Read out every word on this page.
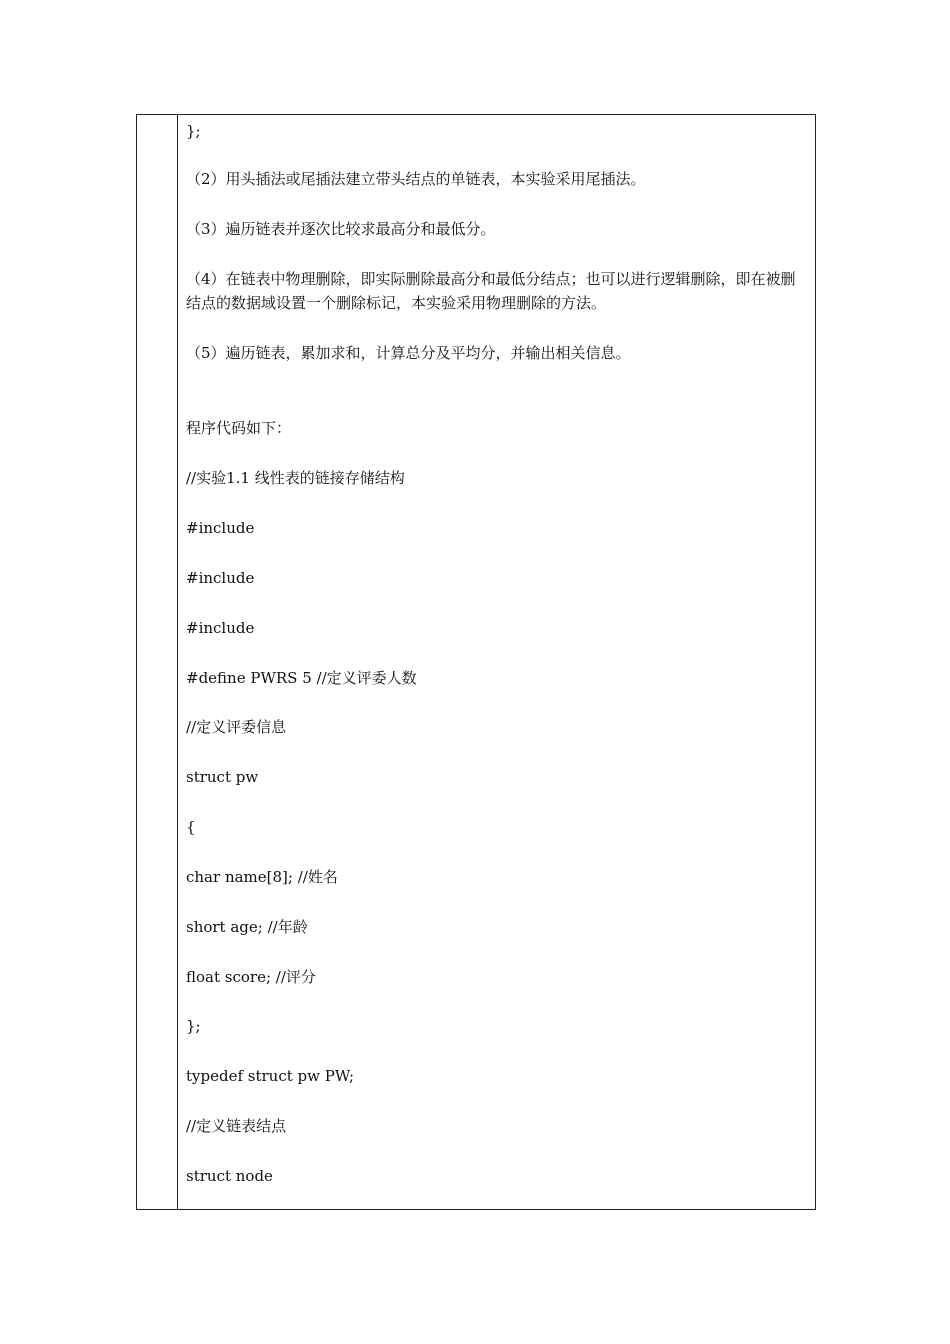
};
（2）用头插法或尾插法建立带头结点的单链表，本实验采用尾插法。
（3）遍历链表并逐次比较求最高分和最低分。
（4）在链表中物理删除，即实际删除最高分和最低分结点；也可以进行逻辑删除，即在被删结点的数据域设置一个删除标记，本实验采用物理删除的方法。
（5）遍历链表，累加求和，计算总分及平均分，并输出相关信息。
程序代码如下：
//实验1.1 线性表的链接存储结构
#include
#include
#include
#define PWRS 5 //定义评委人数
//定义评委信息
struct pw
{
char name[8]; //姓名
short age; //年龄
float score; //评分
};
typedef struct pw PW;
//定义链表结点
struct node
